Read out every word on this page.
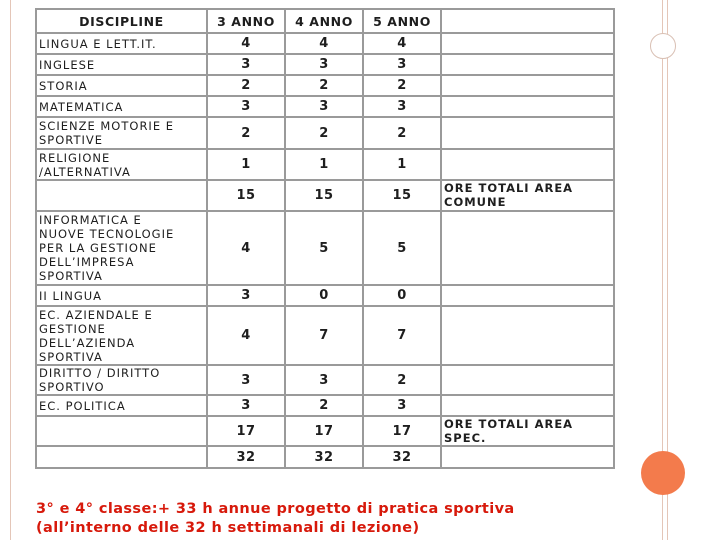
DISCIPLINE	3 ANNO	4 ANNO	5 ANNO	
LINGUA E LETT.IT.	4	4	4	
INGLESE	3	3	3	
STORIA	2	2	2	
MATEMATICA	3	3	3	
SCIENZE MOTORIE E
SPORTIVE	2	2	2	
RELIGIONE
/ALTERNATIVA	1	1	1	
	15	15	15	ORE TOTALI AREA COMUNE
INFORMATICA E
NUOVE TECNOLOGIE
PER LA GESTIONE
DELL’IMPRESA
SPORTIVA	4	5	5	
II LINGUA	3	0	0	
EC. AZIENDALE E
GESTIONE
DELL’AZIENDA
SPORTIVA	4	7	7	
DIRITTO / DIRITTO
SPORTIVO	3	3	2	
EC. POLITICA	3	2	3	
	17	17	17	ORE TOTALI AREA SPEC.
	32	32	32	
3° e 4° classe:+ 33 h annue progetto di pratica sportiva
(all’interno delle 32 h settimanali di lezione)
